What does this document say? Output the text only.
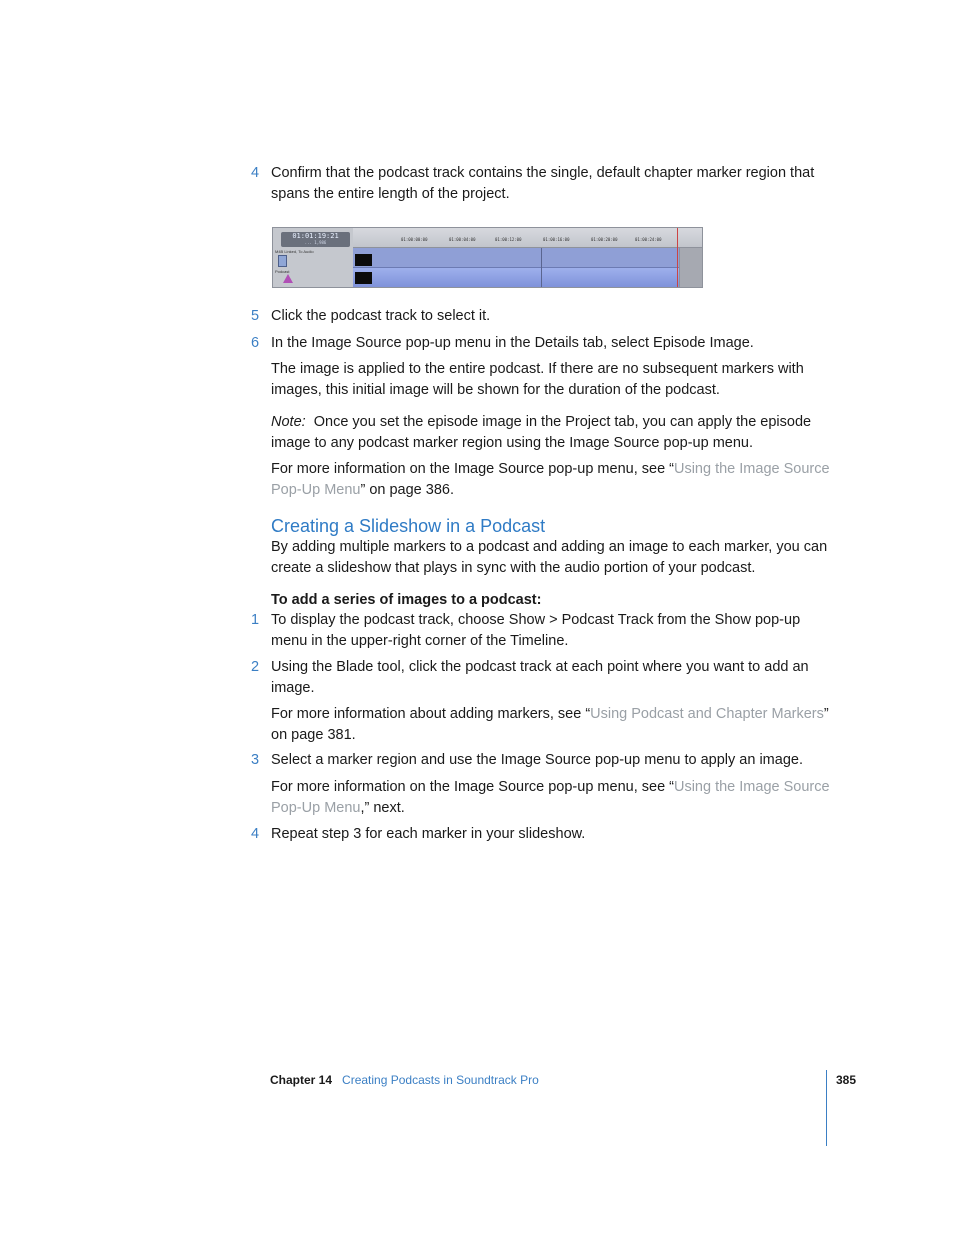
4 Confirm that the podcast track contains the single, default chapter marker region that spans the entire length of the project.

01:01:19:21
... 1,986
M4B Linked, To Audio
Podcast
01:00:00:00	01:00:04:00	01:00:12:00	01:00:16:00	01:00:20:00	01:00:24:00
5 Click the podcast track to select it.

6 In the Image Source pop-up menu in the Details tab, select Episode Image.

The image is applied to the entire podcast. If there are no subsequent markers with images, this initial image will be shown for the duration of the podcast.

Note: Once you set the episode image in the Project tab, you can apply the episode image to any podcast marker region using the Image Source pop-up menu.

For more information on the Image Source pop-up menu, see “Using the Image Source Pop-Up Menu” on page 386.

Creating a Slideshow in a Podcast

By adding multiple markers to a podcast and adding an image to each marker, you can create a slideshow that plays in sync with the audio portion of your podcast.

To add a series of images to a podcast:

1 To display the podcast track, choose Show > Podcast Track from the Show pop-up menu in the upper-right corner of the Timeline.

2 Using the Blade tool, click the podcast track at each point where you want to add an image.

For more information about adding markers, see “Using Podcast and Chapter Markers” on page 381.

3 Select a marker region and use the Image Source pop-up menu to apply an image.

For more information on the Image Source pop-up menu, see “Using the Image Source Pop-Up Menu,” next.

4 Repeat step 3 for each marker in your slideshow.

Chapter 14 Creating Podcasts in Soundtrack Pro	385
